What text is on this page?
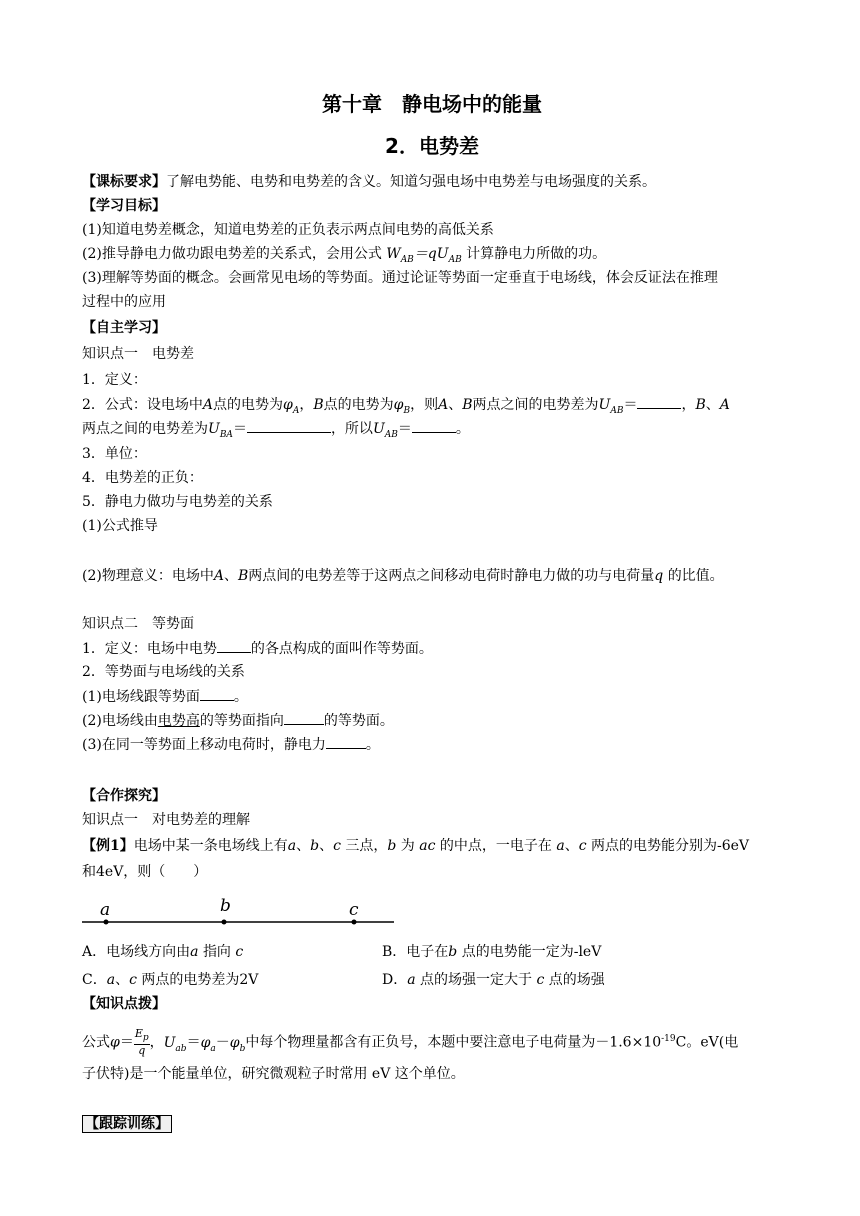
第十章　静电场中的能量
2．电势差
【课标要求】了解电势能、电势和电势差的含义。知道匀强电场中电势差与电场强度的关系。
【学习目标】
(1)知道电势差概念，知道电势差的正负表示两点间电势的高低关系
(2)推导静电力做功跟电势差的关系式，会用公式 $W_{AB}=qU_{AB}$ 计算静电力所做的功。
(3)理解等势面的概念。会画常见电场的等势面。通过论证等势面一定垂直于电场线，体会反证法在推理
过程中的应用
【自主学习】
知识点一　电势差
1．定义：
2．公式：设电场中A点的电势为$\varphi_A$，B点的电势为$\varphi_B$，则A、B两点之间的电势差为$U_{AB}=$	，B、A
两点之间的电势差为$U_{BA}=$	，所以$U_{AB}=$	。
3．单位：
4．电势差的正负：
5．静电力做功与电势差的关系
(1)公式推导
(2)物理意义：电场中A、B两点间的电势差等于这两点之间移动电荷时静电力做的功与电荷量q 的比值。
知识点二　等势面
1．定义：电场中电势 的各点构成的面叫作等势面。
2．等势面与电场线的关系
(1)电场线跟等势面 。
(2)电场线由电势高的等势面指向	的等势面。
(3)在同一等势面上移动电荷时，静电力	。
【合作探究】
知识点一　对电势差的理解
【例1】电场中某一条电场线上有a、b、c 三点，b 为 ac 的中点，一电子在 a、c 两点的电势能分别为-6eV
和4eV，则（　　）
a	b	c
A．电场线方向由a 指向 c	B．电子在b 点的电势能一定为-leV
C．a、c 两点的电势差为2V	D．a 点的场强一定大于 c 点的场强
【知识点拨】
公式$\varphi= \frac{E_p}{q}$ ，$U_{ab}=\varphi_a-\varphi_b$中每个物理量都含有正负号，本题中要注意电子电荷量为$-1.6\times 10^{-19}C$。eV(电
子伏特)是一个能量单位，研究微观粒子时常用 eV 这个单位。
【跟踪训练】
